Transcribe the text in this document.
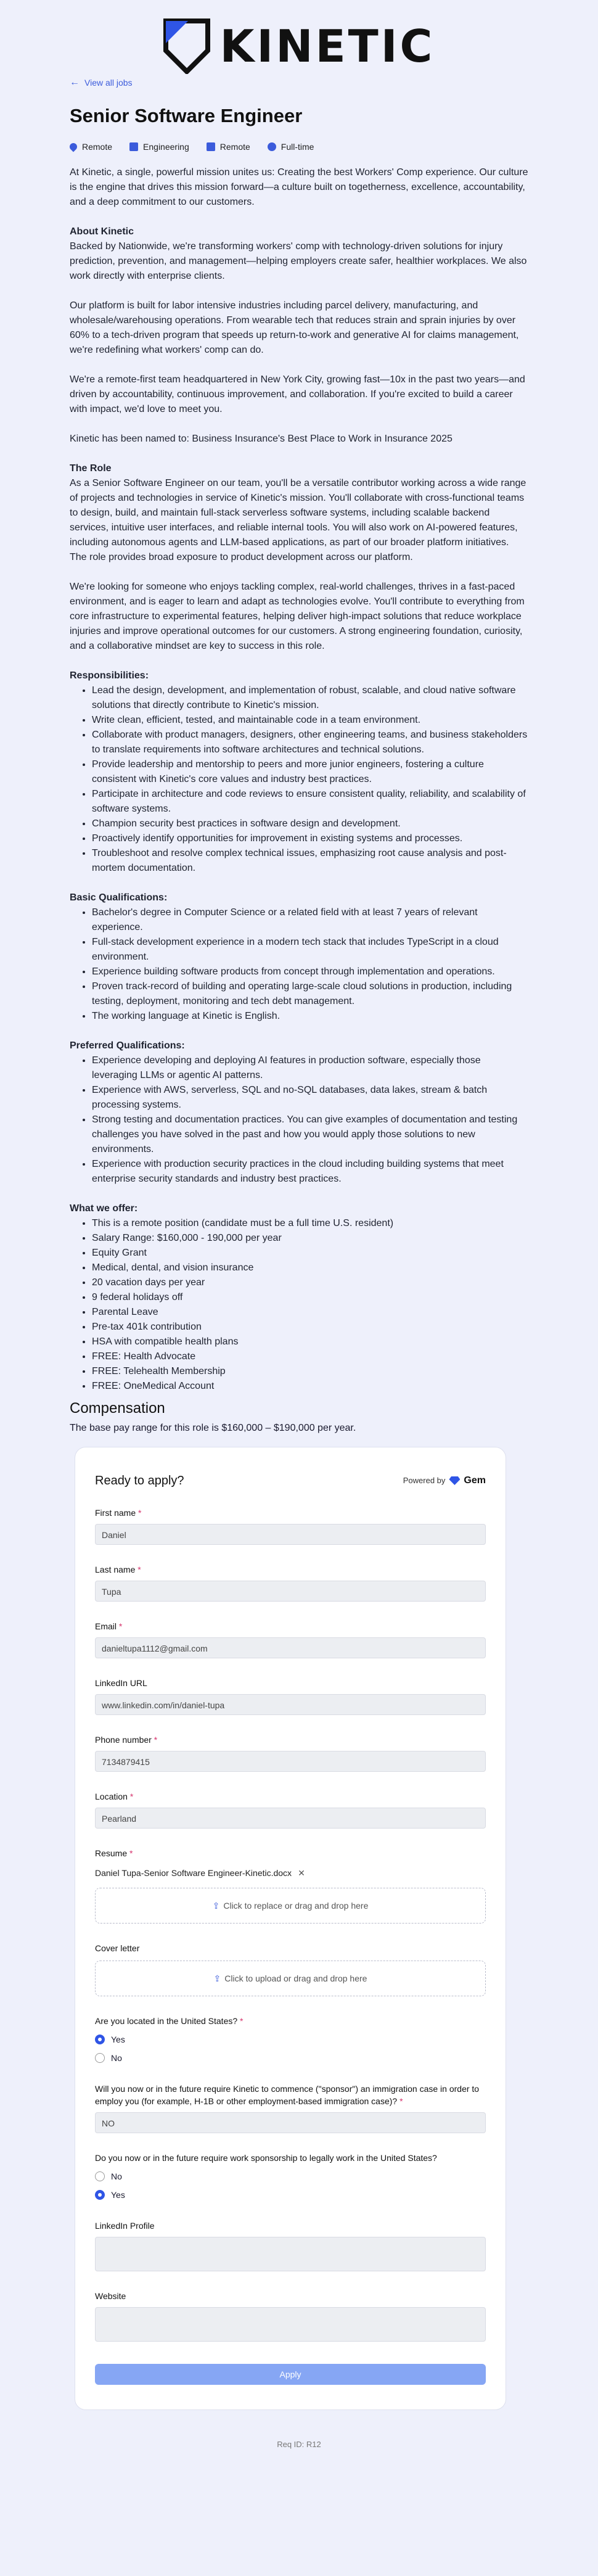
KINETIC
← View all jobs
Senior Software Engineer
Remote	Engineering	Remote	Full-time

At Kinetic, a single, powerful mission unites us: Creating the best Workers' Comp experience. Our culture is the engine that drives this mission forward—a culture built on togetherness, excellence, accountability, and a deep commitment to our customers.

About Kinetic

Backed by Nationwide, we're transforming workers' comp with technology-driven solutions for injury prediction, prevention, and management—helping employers create safer, healthier workplaces. We also work directly with enterprise clients.

Our platform is built for labor intensive industries including parcel delivery, manufacturing, and wholesale/warehousing operations. From wearable tech that reduces strain and sprain injuries by over 60% to a tech-driven program that speeds up return-to-work and generative AI for claims management, we're redefining what workers' comp can do.

We're a remote-first team headquartered in New York City, growing fast—10x in the past two years—and driven by accountability, continuous improvement, and collaboration. If you're excited to build a career with impact, we'd love to meet you.

Kinetic has been named to: Business Insurance's Best Place to Work in Insurance 2025

The Role

As a Senior Software Engineer on our team, you'll be a versatile contributor working across a wide range of projects and technologies in service of Kinetic's mission. You'll collaborate with cross-functional teams to design, build, and maintain full-stack serverless software systems, including scalable backend services, intuitive user interfaces, and reliable internal tools. You will also work on AI-powered features, including autonomous agents and LLM-based applications, as part of our broader platform initiatives. The role provides broad exposure to product development across our platform.

We're looking for someone who enjoys tackling complex, real-world challenges, thrives in a fast-paced environment, and is eager to learn and adapt as technologies evolve. You'll contribute to everything from core infrastructure to experimental features, helping deliver high-impact solutions that reduce workplace injuries and improve operational outcomes for our customers. A strong engineering foundation, curiosity, and a collaborative mindset are key to success in this role.

Responsibilities:
• Lead the design, development, and implementation of robust, scalable, and cloud native software solutions that directly contribute to Kinetic's mission.
• Write clean, efficient, tested, and maintainable code in a team environment.
• Collaborate with product managers, designers, other engineering teams, and business stakeholders to translate requirements into software architectures and technical solutions.
• Provide leadership and mentorship to peers and more junior engineers, fostering a culture consistent with Kinetic's core values and industry best practices.
• Participate in architecture and code reviews to ensure consistent quality, reliability, and scalability of software systems.
• Champion security best practices in software design and development.
• Proactively identify opportunities for improvement in existing systems and processes.
• Troubleshoot and resolve complex technical issues, emphasizing root cause analysis and post-mortem documentation.
Basic Qualifications:
• Bachelor's degree in Computer Science or a related field with at least 7 years of relevant experience.
• Full-stack development experience in a modern tech stack that includes TypeScript in a cloud environment.
• Experience building software products from concept through implementation and operations.
• Proven track-record of building and operating large-scale cloud solutions in production, including testing, deployment, monitoring and tech debt management.
• The working language at Kinetic is English.
Preferred Qualifications:
• Experience developing and deploying AI features in production software, especially those leveraging LLMs or agentic AI patterns.
• Experience with AWS, serverless, SQL and no-SQL databases, data lakes, stream & batch processing systems.
• Strong testing and documentation practices. You can give examples of documentation and testing challenges you have solved in the past and how you would apply those solutions to new environments.
• Experience with production security practices in the cloud including building systems that meet enterprise security standards and industry best practices.
What we offer:
• This is a remote position (candidate must be a full time U.S. resident)
• Salary Range: $160,000 - 190,000 per year
• Equity Grant
• Medical, dental, and vision insurance
• 20 vacation days per year
• 9 federal holidays off
• Parental Leave
• Pre-tax 401k contribution
• HSA with compatible health plans
• FREE: Health Advocate
• FREE: Telehealth Membership
• FREE: OneMedical Account
Compensation
The base pay range for this role is $160,000 – $190,000 per year.
Ready to apply?	Powered by Gem
First name *
Daniel
Last name *
Tupa
Email *
danieltupa1112@gmail.com
LinkedIn URL
www.linkedin.com/in/daniel-tupa
Phone number *
7134879415
Location *
Pearland
Resume *
Daniel Tupa-Senior Software Engineer-Kinetic.docx ✕
⇪ Click to replace or drag and drop here
Cover letter
⇪ Click to upload or drag and drop here
Are you located in the United States? *
Yes
No
Will you now or in the future require Kinetic to commence ("sponsor") an immigration case in order to employ you (for example, H-1B or other employment-based immigration case)? *
NO
Do you now or in the future require work sponsorship to legally work in the United States?
No
Yes
LinkedIn Profile
Website
Apply
Req ID: R12
